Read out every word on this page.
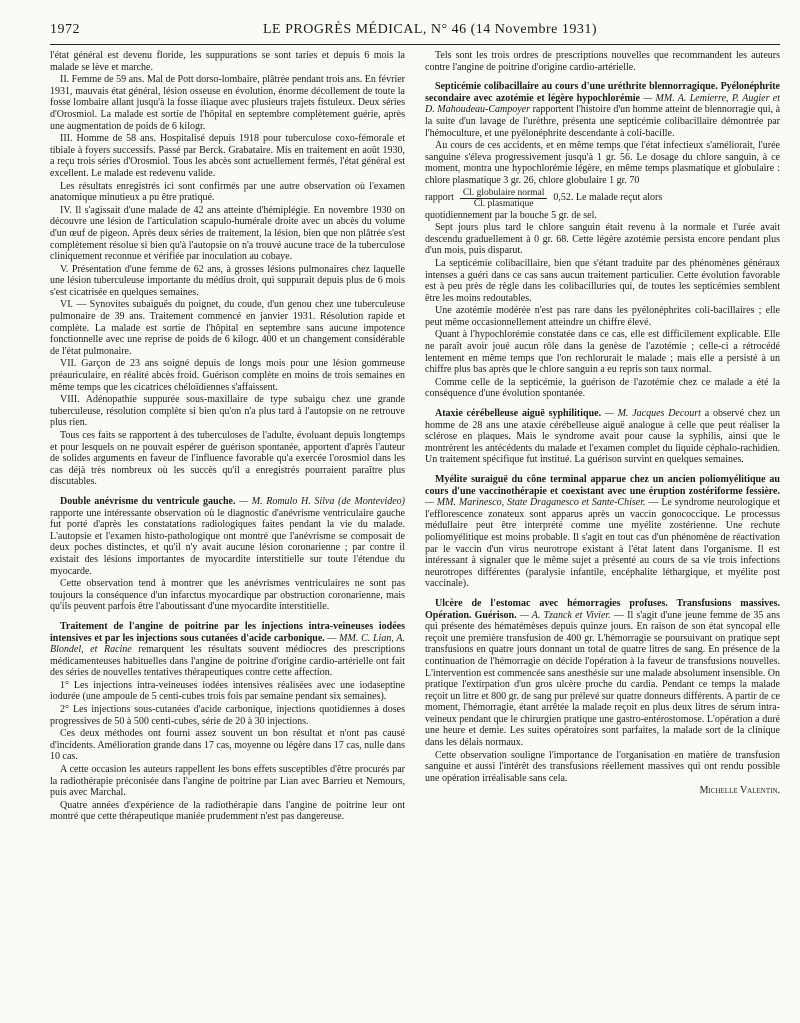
1972	LE PROGRÈS MÉDICAL, N° 46 (14 Novembre 1931)

l'état général est devenu floride, les suppurations se sont taries et depuis 6 mois la malade se lève et marche.

II. Femme de 59 ans. Mal de Pott dorso-lombaire, plâtrée pendant trois ans. En février 1931, mauvais état général, lésion osseuse en évolution, énorme décollement de toute la fosse lombaire allant jusqu'à la fosse iliaque avec plusieurs trajets fistuleux. Deux séries d'Orosmiol. La malade est sortie de l'hôpital en septembre complètement guérie, après une augmentation de poids de 6 kilogr.

III. Homme de 58 ans. Hospitalisé depuis 1918 pour tuberculose coxo-fémorale et tibiale à foyers successifs. Passé par Berck. Grabataire. Mis en traitement en août 1930, a reçu trois séries d'Orosmiol. Tous les abcès sont actuellement fermés, l'état général est excellent. Le malade est redevenu valide.

Les résultats enregistrés ici sont confirmés par une autre observation où l'examen anatomique minutieux a pu être pratiqué.

IV. Il s'agissait d'une malade de 42 ans atteinte d'hémiplégie. En novembre 1930 on découvre une lésion de l'articulation scapulo-humérale droite avec un abcès du volume d'un œuf de pigeon. Après deux séries de traitement, la lésion, bien que non plâtrée s'est complètement résolue si bien qu'à l'autopsie on n'a trouvé aucune trace de la tuberculose cliniquement reconnue et vérifiée par inoculation au cobaye.

V. Présentation d'une femme de 62 ans, à grosses lésions pulmonaires chez laquelle une lésion tuberculeuse importante du médius droit, qui suppurait depuis plus de 6 mois s'est cicatrisée en quelques semaines.

VI. — Synovites subaiguës du poignet, du coude, d'un genou chez une tuberculeuse pulmonaire de 39 ans. Traitement commencé en janvier 1931. Résolution rapide et complète. La malade est sortie de l'hôpital en septembre sans aucune impotence fonctionnelle avec une reprise de poids de 6 kilogr. 400 et un changement considérable de l'état pulmonaire.

VII. Garçon de 23 ans soigné depuis de longs mois pour une lésion gommeuse préauriculaire, en réalité abcès froid. Guérison complète en moins de trois semaines en même temps que les cicatrices chéloïdiennes s'affaissent.

VIII. Adénopathie suppurée sous-maxillaire de type subaigu chez une grande tuberculeuse, résolution complète si bien qu'on n'a plus tard à l'autopsie on ne retrouve plus rien.

Tous ces faits se rapportent à des tuberculoses de l'adulte, évoluant depuis longtemps et pour lesquels on ne pouvait espérer de guérison spontanée, apportent d'après l'auteur de solides arguments en faveur de l'influence favorable qu'a exercée l'orosmiol dans les cas déjà très nombreux où les succès qu'il a enregistrés pourraient paraître plus discutables.

Double anévrisme du ventricule gauche. — M. Romulo H. Silva (de Montevideo) rapporte une intéressante observation où le diagnostic d'anévrisme ventriculaire gauche fut porté d'après les constatations radiologiques faites pendant la vie du malade. L'autopsie et l'examen histo-pathologique ont montré que l'anévrisme se composait de deux poches distinctes, et qu'il n'y avait aucune lésion coronarienne ; par contre il existait des lésions importantes de myocardite interstitielle sur toute l'étendue du myocarde.

Cette observation tend à montrer que les anévrismes ventriculaires ne sont pas toujours la conséquence d'un infarctus myocardique par obstruction coronarienne, mais qu'ils peuvent parfois être l'aboutissant d'une myocardite interstitielle.

Traitement de l'angine de poitrine par les injections intra-veineuses iodées intensives et par les injections sous cutanées d'acide carbonique. — MM. C. Lian, A. Blondel, et Racine remarquent les résultats souvent médiocres des prescriptions médicamenteuses habituelles dans l'angine de poitrine d'origine cardio-artérielle ont fait des séries de nouvelles tentatives thérapeutiques contre cette affection.

1° Les injections intra-veineuses iodées intensives réalisées avec une iodaseptine iodurée (une ampoule de 5 centi-cubes trois fois par semaine pendant six semaines).

2° Les injections sous-cutanées d'acide carbonique, injections quotidiennes à doses progressives de 50 à 500 centi-cubes, série de 20 à 30 injections.

Ces deux méthodes ont fourni assez souvent un bon résultat et n'ont pas causé d'incidents. Amélioration grande dans 17 cas, moyenne ou légère dans 17 cas, nulle dans 10 cas.

A cette occasion les auteurs rappellent les bons effets susceptibles d'être procurés par la radiothérapie préconisée dans l'angine de poitrine par Lian avec Barrieu et Nemours, puis avec Marchal.

Quatre années d'expérience de la radiothérapie dans l'angine de poitrine leur ont montré que cette thérapeutique maniée prudemment n'est pas dangereuse.

Tels sont les trois ordres de prescriptions nouvelles que recommandent les auteurs contre l'angine de poitrine d'origine cardio-artérielle.

Septicémie colibacillaire au cours d'une uréthrite blennorragique. Pyélonéphrite secondaire avec azotémie et légère hypochlorémie — MM. A. Lemierre, P. Augier et D. Mahoudeau-Campoyer rapportent l'histoire d'un homme atteint de blennorragie qui, à la suite d'un lavage de l'urèthre, présenta une septicémie colibacillaire démontrée par l'hémoculture, et une pyélonéphrite descendante à coli-bacille.

Au cours de ces accidents, et en même temps que l'état infectieux s'améliorait, l'urée sanguine s'éleva progressivement jusqu'à 1 gr. 56. Le dosage du chlore sanguin, à ce moment, montra une hypochlorémie légère, en même temps plasmatique et globulaire : chlore plasmatique 3 gr. 26, chlore globulaire 1 gr. 70

rapport $\frac{\text{Cl. globulaire normal}}{\text{Cl. plasmatique}} 0,52$. Le malade reçut alors

quotidiennement par la bouche 5 gr. de sel.

Sept jours plus tard le chlore sanguin était revenu à la normale et l'urée avait descendu graduellement à 0 gr. 68. Cette légère azotémie persista encore pendant plus d'un mois, puis disparut.

La septicémie colibacillaire, bien que s'étant traduite par des phénomènes généraux intenses a guéri dans ce cas sans aucun traitement particulier. Cette évolution favorable est à peu près de règle dans les colibacilluries qui, de toutes les septicémies semblent être les moins redoutables.

Une azotémie modérée n'est pas rare dans les pyélonéphrites coli-bacillaires ; elle peut même occasionnellement atteindre un chiffre élevé.

Quant à l'hypochlorémie constatée dans ce cas, elle est difficilement explicable. Elle ne paraît avoir joué aucun rôle dans la genèse de l'azotémie ; celle-ci a rétrocédé lentement en même temps que l'on rechlorurait le malade ; mais elle a persisté à un chiffre plus bas après que le chlore sanguin a eu repris son taux normal.

Comme celle de la septicémie, la guérison de l'azotémie chez ce malade a été la conséquence d'une évolution spontanée.

Ataxie cérébelleuse aiguë syphilitique. — M. Jacques Decourt a observé chez un homme de 28 ans une ataxie cérébelleuse aiguë analogue à celle que peut réaliser la sclérose en plaques. Mais le syndrome avait pour cause la syphilis, ainsi que le montrèrent les antécédents du malade et l'examen complet du liquide céphalo-rachidien. Un traitement spécifique fut institué. La guérison survint en quelques semaines.

Myélite suraiguë du cône terminal apparue chez un ancien poliomyélitique au cours d'une vaccinothérapie et coexistant avec une éruption zostériforme fessière. — MM. Marinesco, State Draganesco et Sante-Chiser. — Le syndrome neurologique et l'efflorescence zonateux sont apparus après un vaccin gonococcique. Le processus médullaire peut être interprété comme une myélite zostérienne. Une rechute poliomyélitique est moins probable. Il s'agit en tout cas d'un phénomène de réactivation par le vaccin d'un virus neurotrope existant à l'état latent dans l'organisme. Il est intéressant à signaler que le même sujet a présenté au cours de sa vie trois infections neurotropes différentes (paralysie infantile, encéphalite léthargique, et myélite post vaccinale).

Ulcère de l'estomac avec hémorragies profuses. Transfusions massives. Opération. Guérison. — A. Tzanck et Vivier. — Il s'agit d'une jeune femme de 35 ans qui présente des hématémèses depuis quinze jours. En raison de son état syncopal elle reçoit une première transfusion de 400 gr. L'hémorragie se poursuivant on pratique sept transfusions en quatre jours donnant un total de quatre litres de sang. En présence de la continuation de l'hémorragie on décide l'opération à la faveur de transfusions nouvelles. L'intervention est commencée sans anesthésie sur une malade absolument insensible. On pratique l'extirpation d'un gros ulcère proche du cardia. Pendant ce temps la malade reçoit un litre et 800 gr. de sang pur prélevé sur quatre donneurs différents. A partir de ce moment, l'hémorragie, étant arrêtée la malade reçoit en plus deux litres de sérum intra-veineux pendant que le chirurgien pratique une gastro-entérostomose. L'opération a duré une heure et demie. Les suites opératoires sont parfaites, la malade sort de la clinique dans les délais normaux.

Cette observation souligne l'importance de l'organisation en matière de transfusion sanguine et aussi l'intérêt des transfusions réellement massives qui ont rendu possible une opération irréalisable sans cela.

Michelle Valentin.
